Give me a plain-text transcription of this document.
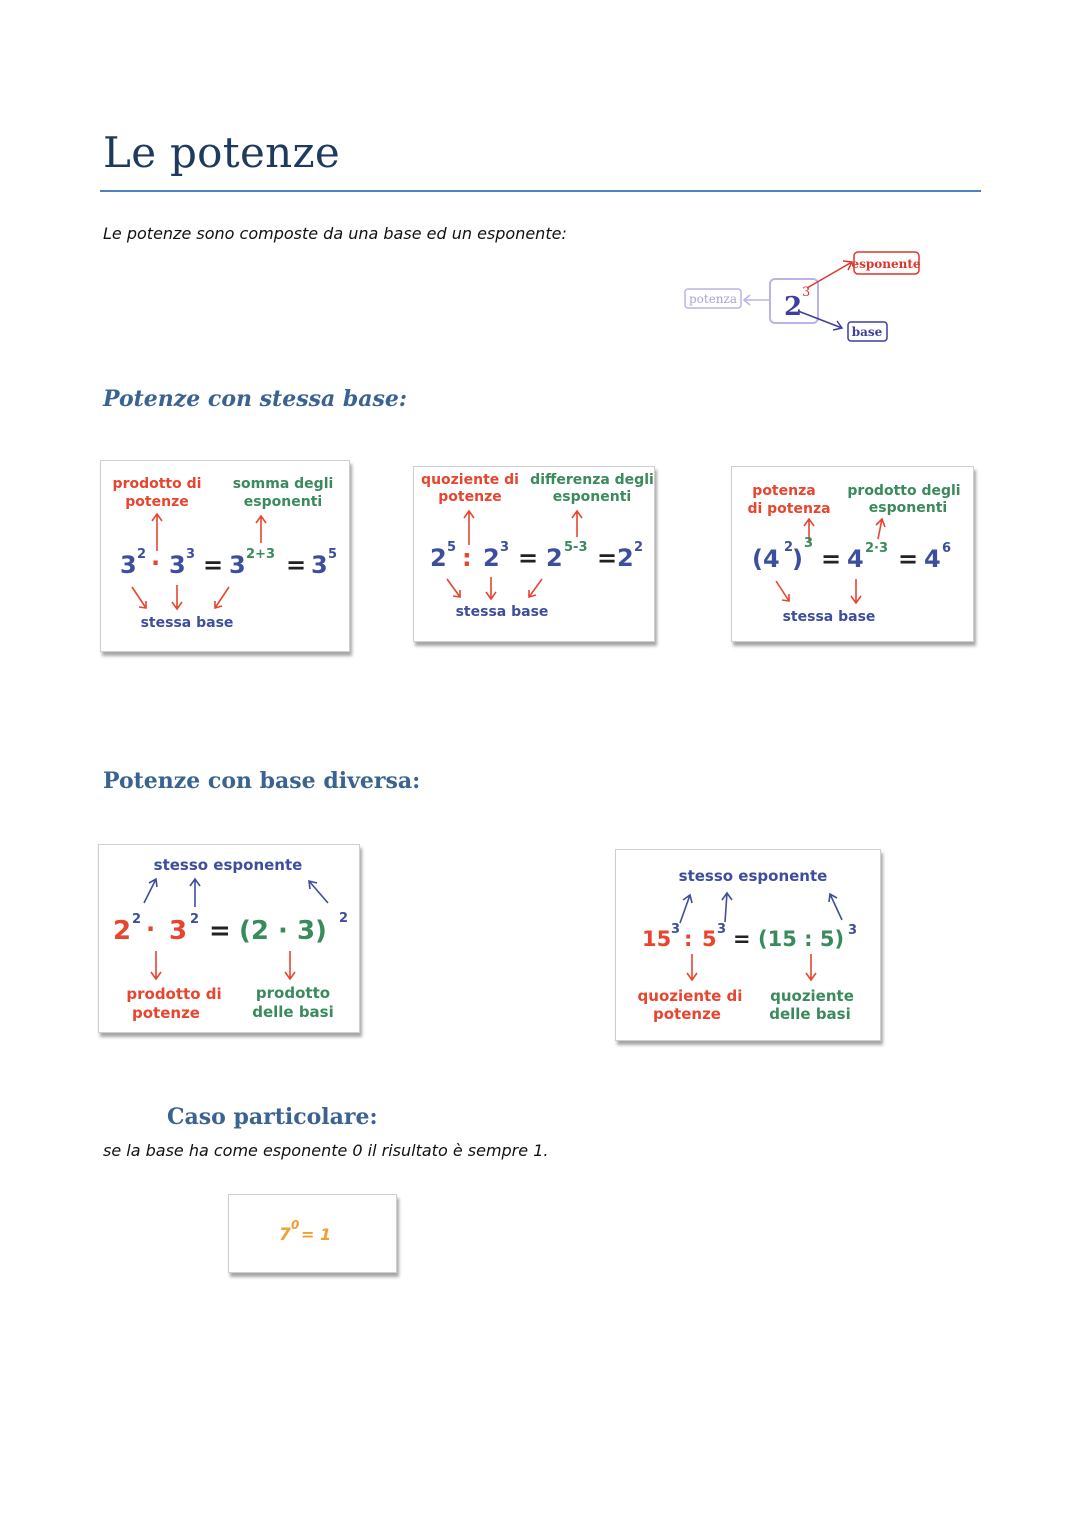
Le potenze
Le potenze sono composte da una base ed un esponente:
potenza 2 3
esponente
base
Potenze con stessa base:
prodotto di
potenze
somma degli
esponenti
3 2 · 3 3 = 3 2+3 = 3 5
stessa base
quoziente di
potenze
differenza degli
esponenti
2 5 : 2 3 = 2 5-3 = 2 2
stessa base
potenza
di potenza
prodotto degli
esponenti
(4 2
)
3
= 4 2·3 = 4 6
stessa base
Potenze con base diversa:
stesso esponente
2 2 · 3 2 = (2 · 3) 2
prodotto di
potenze
prodotto
delle basi
stesso esponente
15 3 : 5 3 = (15 : 5) 3
quoziente di
potenze
quoziente
delle basi
Caso particolare:
se la base ha come esponente 0 il risultato è sempre 1.
7 0 = 1
